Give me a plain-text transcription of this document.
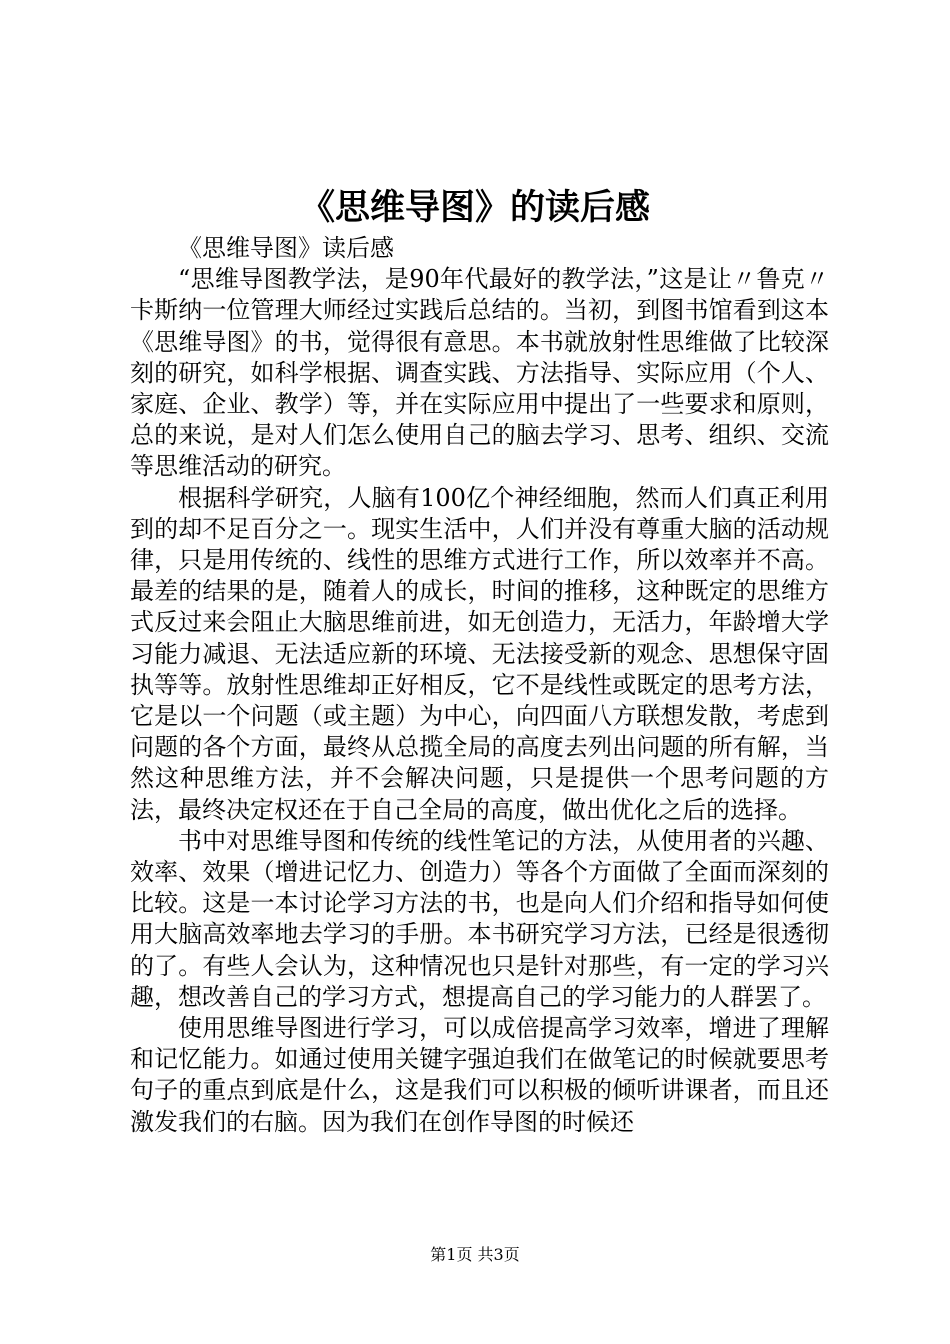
《思维导图》的读后感

《思维导图》读后感

“思维导图教学法，是90年代最好的教学法，”这是让〃鲁克〃卡斯纳一位管理大师经过实践后总结的。当初，到图书馆看到这本《思维导图》的书，觉得很有意思。本书就放射性思维做了比较深刻的研究，如科学根据、调查实践、方法指导、实际应用（个人、家庭、企业、教学）等，并在实际应用中提出了一些要求和原则，总的来说，是对人们怎么使用自己的脑去学习、思考、组织、交流等思维活动的研究。

根据科学研究，人脑有100亿个神经细胞，然而人们真正利用到的却不足百分之一。现实生活中，人们并没有尊重大脑的活动规律，只是用传统的、线性的思维方式进行工作，所以效率并不高。最差的结果的是，随着人的成长，时间的推移，这种既定的思维方式反过来会阻止大脑思维前进，如无创造力，无活力，年龄增大学习能力减退、无法适应新的环境、无法接受新的观念、思想保守固执等等。放射性思维却正好相反，它不是线性或既定的思考方法，它是以一个问题（或主题）为中心，向四面八方联想发散，考虑到问题的各个方面，最终从总揽全局的高度去列出问题的所有解，当然这种思维方法，并不会解决问题，只是提供一个思考问题的方法，最终决定权还在于自己全局的高度，做出优化之后的选择。

书中对思维导图和传统的线性笔记的方法，从使用者的兴趣、效率、效果（增进记忆力、创造力）等各个方面做了全面而深刻的比较。这是一本讨论学习方法的书，也是向人们介绍和指导如何使用大脑高效率地去学习的手册。本书研究学习方法，已经是很透彻的了。有些人会认为，这种情况也只是针对那些，有一定的学习兴趣，想改善自己的学习方式，想提高自己的学习能力的人群罢了。

使用思维导图进行学习，可以成倍提高学习效率，增进了理解和记忆能力。如通过使用关键字强迫我们在做笔记的时候就要思考句子的重点到底是什么，这是我们可以积极的倾听讲课者，而且还激发我们的右脑。因为我们在创作导图的时候还

第1页 共3页
